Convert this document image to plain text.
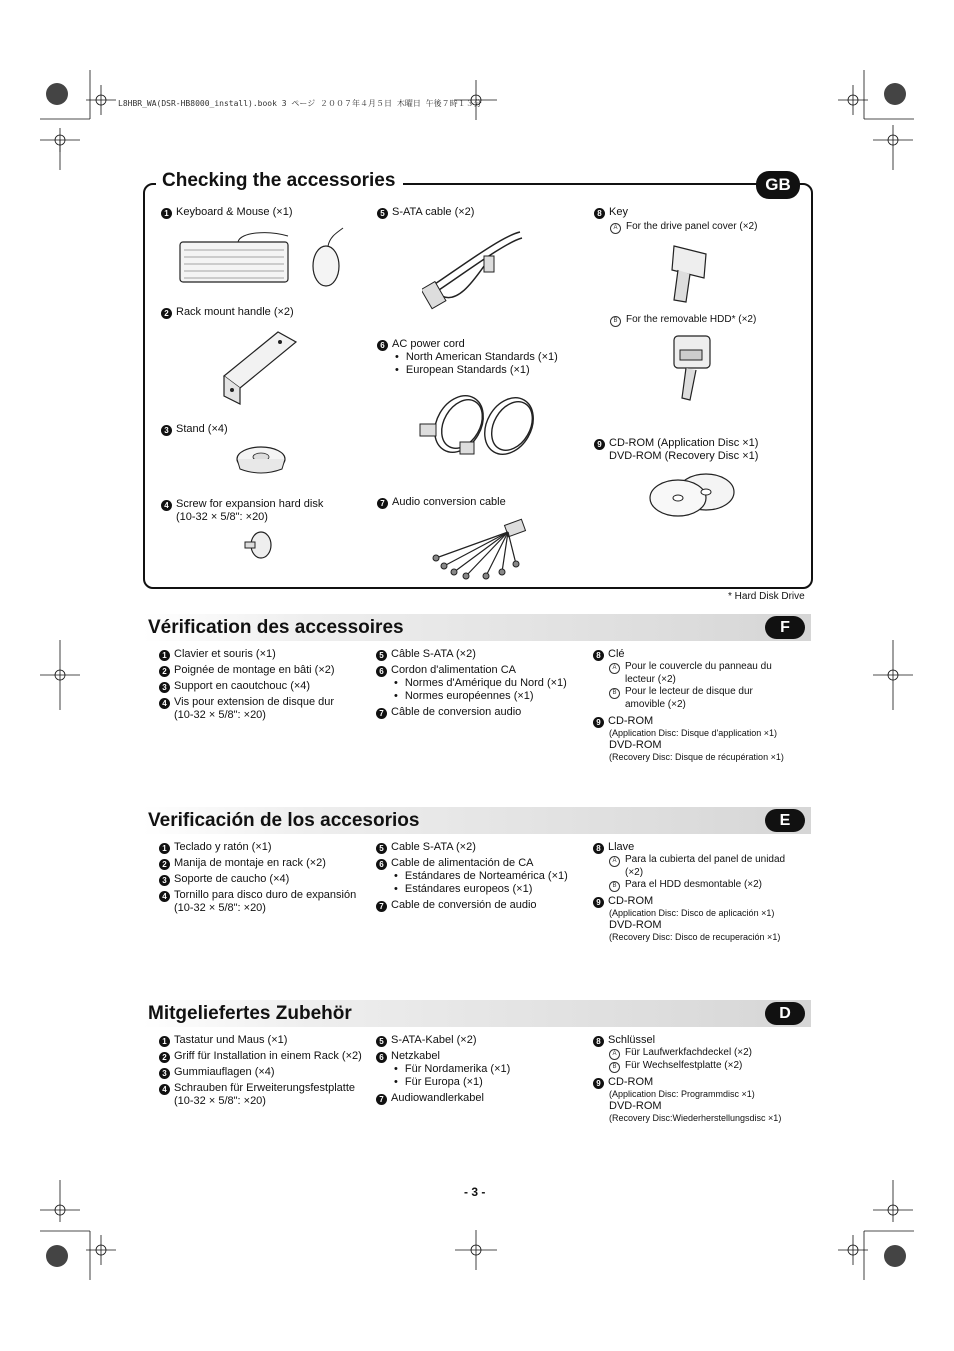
L8HBR_WA(DSR-HB8000_install).book 3 ページ ２００７年４月５日 木曜日 午後７時１３分
Checking the accessories	GB
1 Keyboard & Mouse (×1)
2 Rack mount handle (×2)
3 Stand (×4)
4 Screw for expansion hard disk
(10-32 × 5/8": ×20)
5 S-ATA cable (×2)
6 AC power cord
• North American Standards (×1)
• European Standards (×1)
7 Audio conversion cable
8 Key
A For the drive panel cover (×2)
B For the removable HDD* (×2)
9 CD-ROM (Application Disc ×1)
DVD-ROM (Recovery Disc ×1)
* Hard Disk Drive
Vérification des accessoires	F
1 Clavier et souris (×1)
2 Poignée de montage en bâti (×2)
3 Support en caoutchouc (×4)
4 Vis pour extension de disque dur
(10-32 × 5/8": ×20)
5 Câble S-ATA (×2)
6 Cordon d'alimentation CA
• Normes d'Amérique du Nord (×1)
• Normes européennes (×1)
7 Câble de conversion audio
8 Clé
A Pour le couvercle du panneau du
lecteur (×2)
B Pour le lecteur de disque dur
amovible (×2)
9 CD-ROM
(Application Disc: Disque d'application ×1)
DVD-ROM
(Recovery Disc: Disque de récupération ×1)
Verificación de los accesorios	E
1 Teclado y ratón (×1)
2 Manija de montaje en rack (×2)
3 Soporte de caucho (×4)
4 Tornillo para disco duro de expansión
(10-32 × 5/8": ×20)
5 Cable S-ATA (×2)
6 Cable de alimentación de CA
• Estándares de Norteamérica (×1)
• Estándares europeos (×1)
7 Cable de conversión de audio
8 Llave
A Para la cubierta del panel de unidad
(×2)
B Para el HDD desmontable (×2)
9 CD-ROM
(Application Disc: Disco de aplicación ×1)
DVD-ROM
(Recovery Disc: Disco de recuperación ×1)
Mitgeliefertes Zubehör	D
1 Tastatur und Maus (×1)
2 Griff für Installation in einem Rack (×2)
3 Gummiauflagen (×4)
4 Schrauben für Erweiterungsfestplatte
(10-32 × 5/8": ×20)
5 S-ATA-Kabel (×2)
6 Netzkabel
• Für Nordamerika (×1)
• Für Europa (×1)
7 Audiowandlerkabel
8 Schlüssel
A Für Laufwerkfachdeckel (×2)
B Für Wechselfestplatte (×2)
9 CD-ROM
(Application Disc: Programmdisc ×1)
DVD-ROM
(Recovery Disc:Wiederherstellungsdisc ×1)
- 3 -
